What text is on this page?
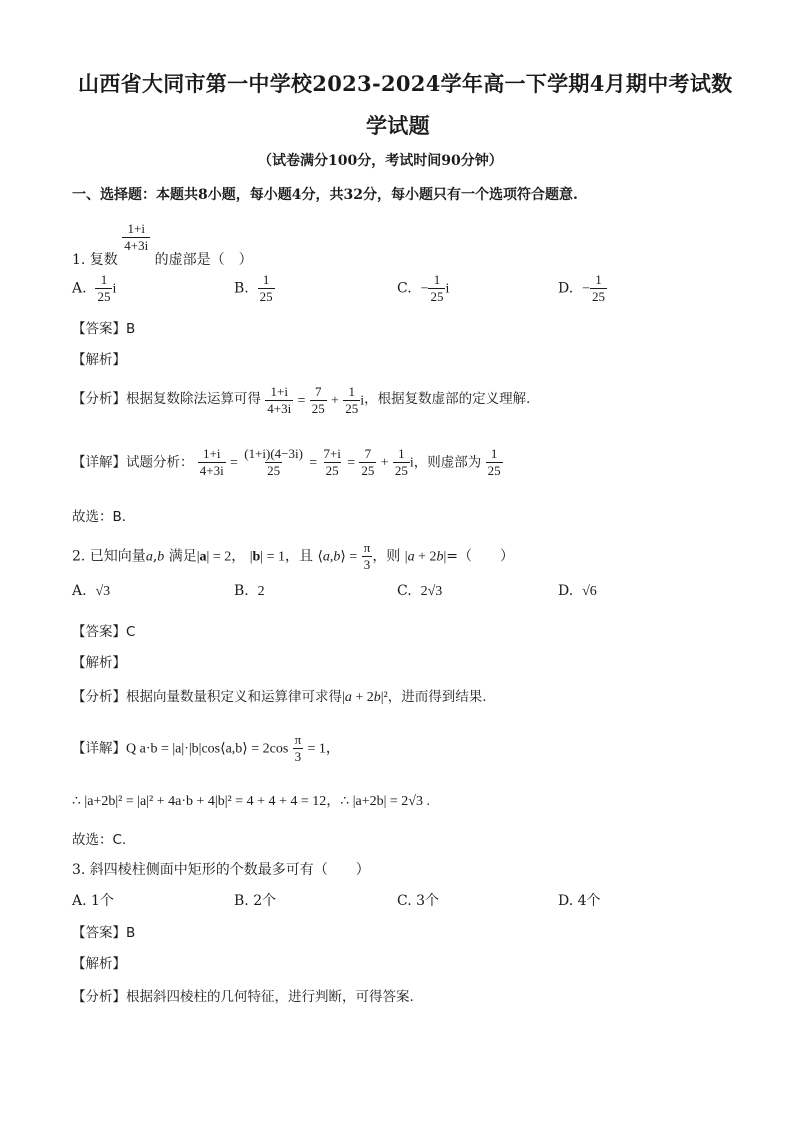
山西省大同市第一中学校2023-2024学年高一下学期4月期中考试数
学试题
（试卷满分100分，考试时间90分钟）
一、选择题：本题共8小题，每小题4分，共32分，每小题只有一个选项符合题意.
1. 复数
$\frac{1+i}{4+3i}$
的虚部是（　）
A. $\frac{1}{25}$ i	B. $\frac{1}{25}$	C. − $\frac{1}{25}$ i	D. − $\frac{1}{25}$
【答案】B
【解析】
【分析】根据复数除法运算可得 $\frac{1+i}{4+3i} = \frac{7}{25} + \frac{1}{25}$ i，根据复数虚部的定义理解．
【详解】试题分析： $\frac{1+i}{4+3i} = \frac{(1+i)(4-3i)}{25} = \frac{7+i}{25} = \frac{7}{25} + \frac{1}{25}$ i，则虚部为 $\frac{1}{25}$
故选：B．
2. 已知向量a,b 满足|a| = 2， |b| = 1，且 ⟨a,b⟩ = $\frac{\pi}{3}$ ，则 |a + 2b|=（　　）
A. √3	B. 2	C. 2√3	D. √6
【答案】C
【解析】
【分析】根据向量数量积定义和运算律可求得|a + 2b|²，进而得到结果.
【详解】Q a·b = |a|·|b|cos⟨a,b⟩ = $2\cos \frac{\pi}{3} = 1$，
∴ |a+2b|² = |a|² + 4a·b + 4|b|² = 4 + 4 + 4 = 12，∴ |a+2b| = 2√3 .
故选：C.
3. 斜四棱柱侧面中矩形的个数最多可有（　　）
A. 1个	B. 2个	C. 3个	D. 4个
【答案】B
【解析】
【分析】根据斜四棱柱的几何特征，进行判断，可得答案.
